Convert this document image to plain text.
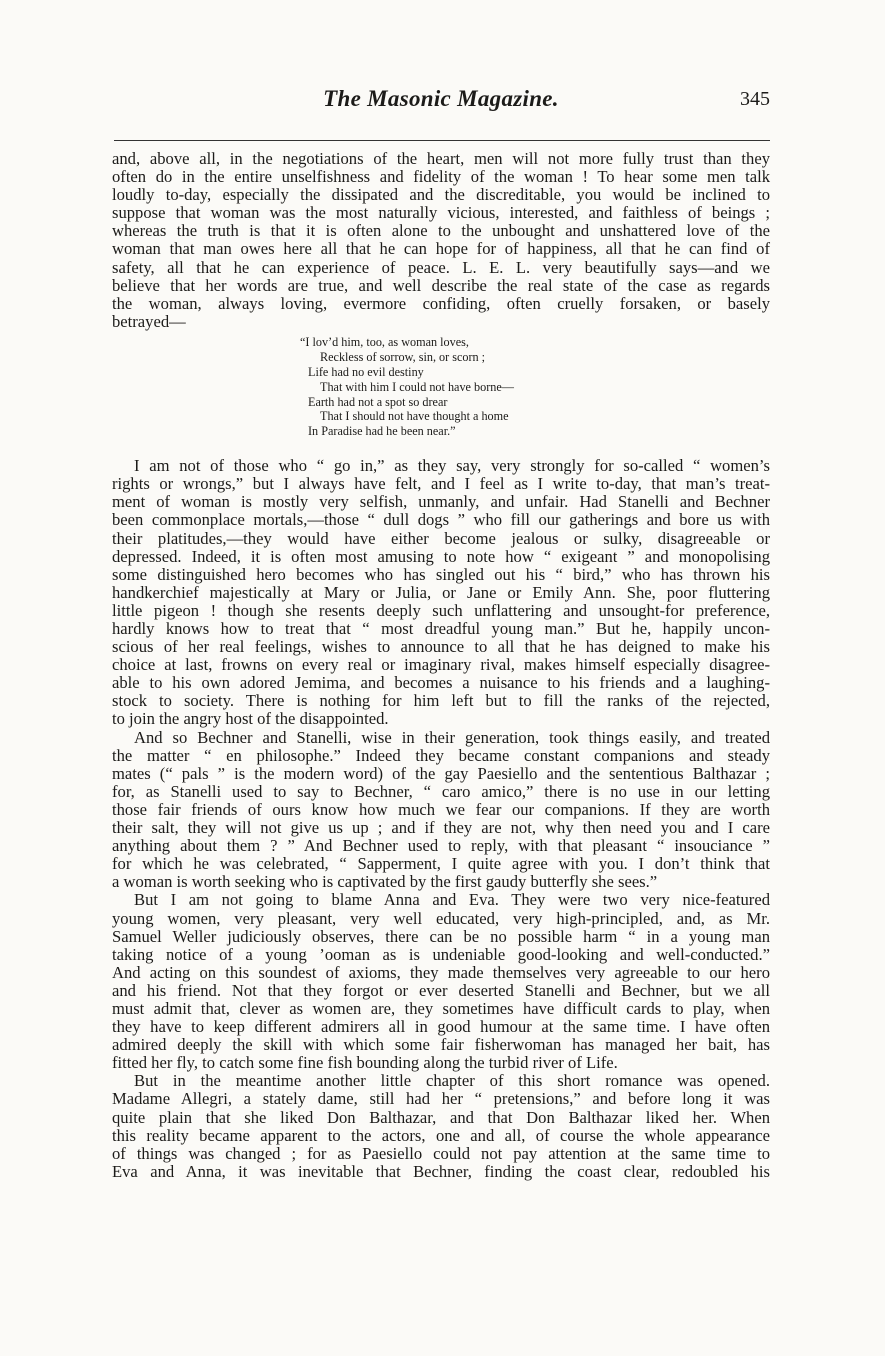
The Masonic Magazine.	345
and, above all, in the negotiations of the heart, men will not more fully trust than they
often do in the entire unselfishness and fidelity of the woman ! To hear some men talk
loudly to-day, especially the dissipated and the discreditable, you would be inclined to
suppose that woman was the most naturally vicious, interested, and faithless of beings ;
whereas the truth is that it is often alone to the unbought and unshattered love of the
woman that man owes here all that he can hope for of happiness, all that he can find of
safety, all that he can experience of peace. L. E. L. very beautifully says—and we
believe that her words are true, and well describe the real state of the case as regards
the woman, always loving, evermore confiding, often cruelly forsaken, or basely
betrayed—
“I lov’d him, too, as woman loves,
Reckless of sorrow, sin, or scorn ;
Life had no evil destiny
That with him I could not have borne—
Earth had not a spot so drear
That I should not have thought a home
In Paradise had he been near.”
I am not of those who “ go in,” as they say, very strongly for so-called “ women’s
rights or wrongs,” but I always have felt, and I feel as I write to-day, that man’s treat-
ment of woman is mostly very selfish, unmanly, and unfair. Had Stanelli and Bechner
been commonplace mortals,—those “ dull dogs ” who fill our gatherings and bore us with
their platitudes,—they would have either become jealous or sulky, disagreeable or
depressed. Indeed, it is often most amusing to note how “ exigeant ” and monopolising
some distinguished hero becomes who has singled out his “ bird,” who has thrown his
handkerchief majestically at Mary or Julia, or Jane or Emily Ann. She, poor fluttering
little pigeon ! though she resents deeply such unflattering and unsought-for preference,
hardly knows how to treat that “ most dreadful young man.” But he, happily uncon-
scious of her real feelings, wishes to announce to all that he has deigned to make his
choice at last, frowns on every real or imaginary rival, makes himself especially disagree-
able to his own adored Jemima, and becomes a nuisance to his friends and a laughing-
stock to society. There is nothing for him left but to fill the ranks of the rejected,
to join the angry host of the disappointed.
And so Bechner and Stanelli, wise in their generation, took things easily, and treated
the matter “ en philosophe.” Indeed they became constant companions and steady
mates (“ pals ” is the modern word) of the gay Paesiello and the sententious Balthazar ;
for, as Stanelli used to say to Bechner, “ caro amico,” there is no use in our letting
those fair friends of ours know how much we fear our companions. If they are worth
their salt, they will not give us up ; and if they are not, why then need you and I care
anything about them ? ” And Bechner used to reply, with that pleasant “ insouciance ”
for which he was celebrated, “ Sapperment, I quite agree with you. I don’t think that
a woman is worth seeking who is captivated by the first gaudy butterfly she sees.”
But I am not going to blame Anna and Eva. They were two very nice-featured
young women, very pleasant, very well educated, very high-principled, and, as Mr.
Samuel Weller judiciously observes, there can be no possible harm “ in a young man
taking notice of a young ’ooman as is undeniable good-looking and well-conducted.”
And acting on this soundest of axioms, they made themselves very agreeable to our hero
and his friend. Not that they forgot or ever deserted Stanelli and Bechner, but we all
must admit that, clever as women are, they sometimes have difficult cards to play, when
they have to keep different admirers all in good humour at the same time. I have often
admired deeply the skill with which some fair fisherwoman has managed her bait, has
fitted her fly, to catch some fine fish bounding along the turbid river of Life.
But in the meantime another little chapter of this short romance was opened.
Madame Allegri, a stately dame, still had her “ pretensions,” and before long it was
quite plain that she liked Don Balthazar, and that Don Balthazar liked her. When
this reality became apparent to the actors, one and all, of course the whole appearance
of things was changed ; for as Paesiello could not pay attention at the same time to
Eva and Anna, it was inevitable that Bechner, finding the coast clear, redoubled his
